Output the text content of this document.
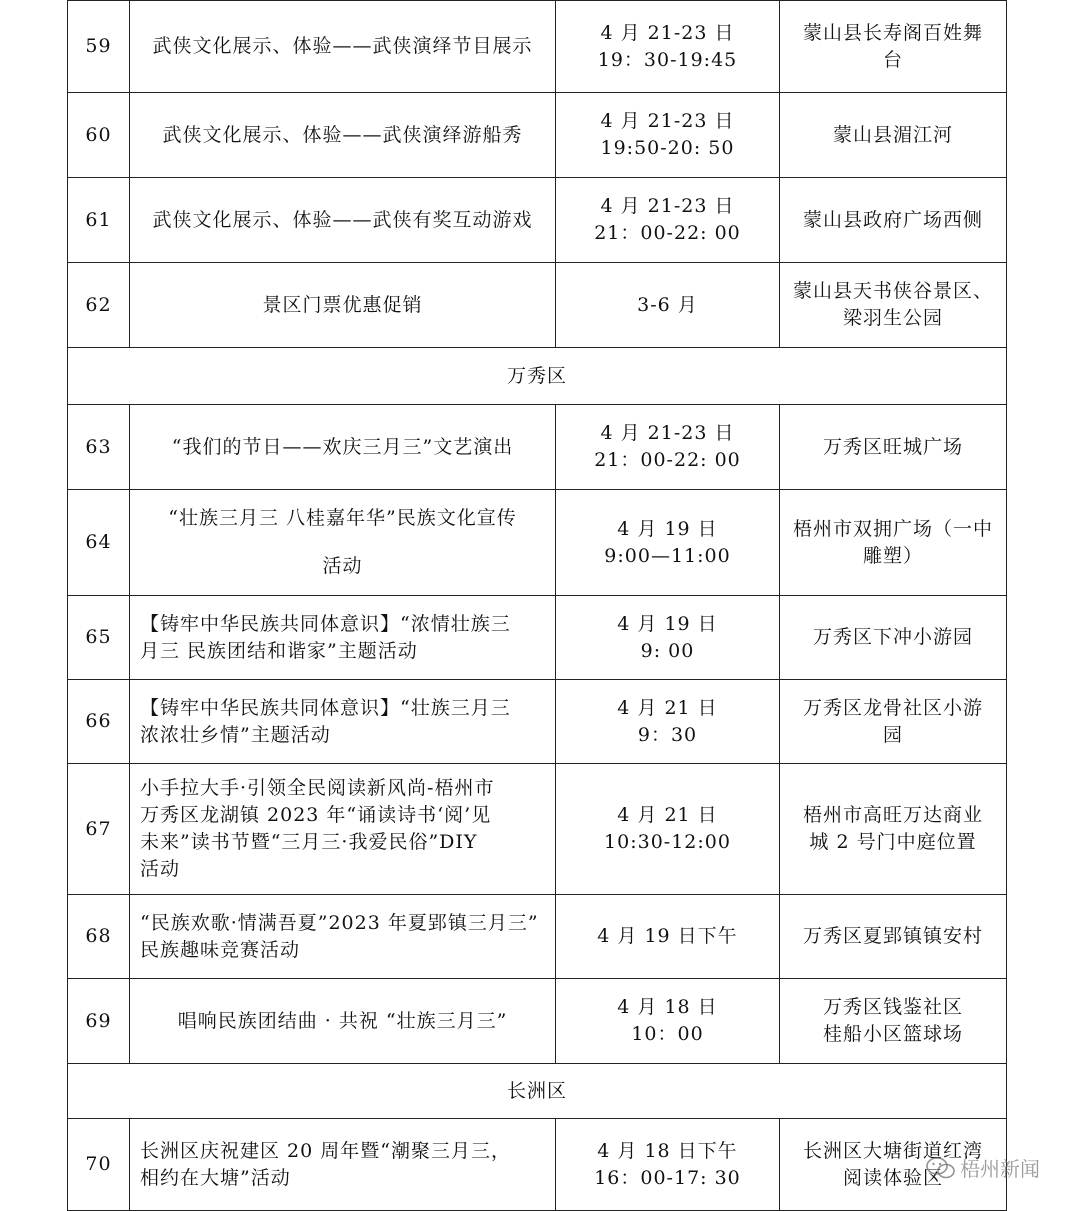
59	武侠文化展示、体验——武侠演绎节目展示	4 月 21-23 日
19：30-19:45	蒙山县长寿阁百姓舞
台

60	武侠文化展示、体验——武侠演绎游船秀	4 月 21-23 日
19:50-20: 50	蒙山县湄江河

61	武侠文化展示、体验——武侠有奖互动游戏	4 月 21-23 日
21：00-22: 00	蒙山县政府广场西侧

62	景区门票优惠促销	3-6 月	蒙山县天书侠谷景区、
梁羽生公园

万秀区			
63	“我们的节日——欢庆三月三”文艺演出	4 月 21-23 日
21：00-22: 00	万秀区旺城广场

64	“壮族三月三 八桂嘉年华”民族文化宣传
活动	4 月 19 日
9:00—11:00	梧州市双拥广场（一中
雕塑）

65	【铸牢中华民族共同体意识】“浓情壮族三
月三 民族团结和谐家”主题活动	4 月 19 日
9: 00	万秀区下冲小游园

66	【铸牢中华民族共同体意识】“壮族三月三
浓浓壮乡情”主题活动	4 月 21 日
9：30	万秀区龙骨社区小游
园

67	小手拉大手·引领全民阅读新风尚-梧州市
万秀区龙湖镇 2023 年“诵读诗书‘阅’见
未来”读书节暨“三月三·我爱民俗”DIY
活动	4 月 21 日
10:30-12:00	梧州市高旺万达商业
城 2 号门中庭位置

68	“民族欢歌·情满吾夏”2023 年夏郢镇三月三”
民族趣味竞赛活动	4 月 19 日下午	万秀区夏郢镇镇安村

69	唱响民族团结曲 · 共祝 “壮族三月三”	4 月 18 日
10：00	万秀区钱鉴社区
桂船小区篮球场

长洲区			
70	长洲区庆祝建区 20 周年暨“潮聚三月三，
相约在大塘”活动	4 月 18 日下午
16：00-17: 30	长洲区大塘街道红湾
阅读体验区 梧州新闻
